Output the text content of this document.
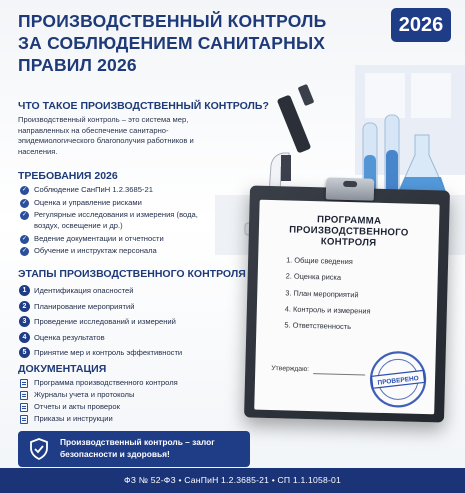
ПРОИЗВОДСТВЕННЫЙ КОНТРОЛЬ ЗА СОБЛЮДЕНИЕМ САНИТАРНЫХ ПРАВИЛ 2026
2026
ПРОГРАММА ПРОИЗВОДСТВЕННОГО КОНТРОЛЯ
1. Общие сведения
2. Оценка риска
3. План мероприятий
4. Контроль и измерения
5. Ответственность
Утверждаю:
ПРОВЕРЕНО
ЧТО ТАКОЕ ПРОИЗВОДСТВЕННЫЙ КОНТРОЛЬ?
Производственный контроль – это система мер, направленных на обеспечение санитарно-эпидемиологического благополучия работников и населения.
ТРЕБОВАНИЯ 2026
✓ Соблюдение СанПиН 1.2.3685-21
✓ Оценка и управление рисками
✓ Регулярные исследования и измерения (вода, воздух, освещение и др.)
✓ Ведение документации и отчетности
✓ Обучение и инструктаж персонала
ЭТАПЫ ПРОИЗВОДСТВЕННОГО КОНТРОЛЯ
1 Идентификация опасностей
2 Планирование мероприятий
3 Проведение исследований и измерений
4 Оценка результатов
5 Принятие мер и контроль эффективности
ДОКУМЕНТАЦИЯ
Программа производственного контроля
Журналы учета и протоколы
Отчеты и акты проверок
Приказы и инструкции
Производственный контроль – залог безопасности и здоровья!
ФЗ № 52-ФЗ • СанПиН 1.2.3685-21 • СП 1.1.1058-01
